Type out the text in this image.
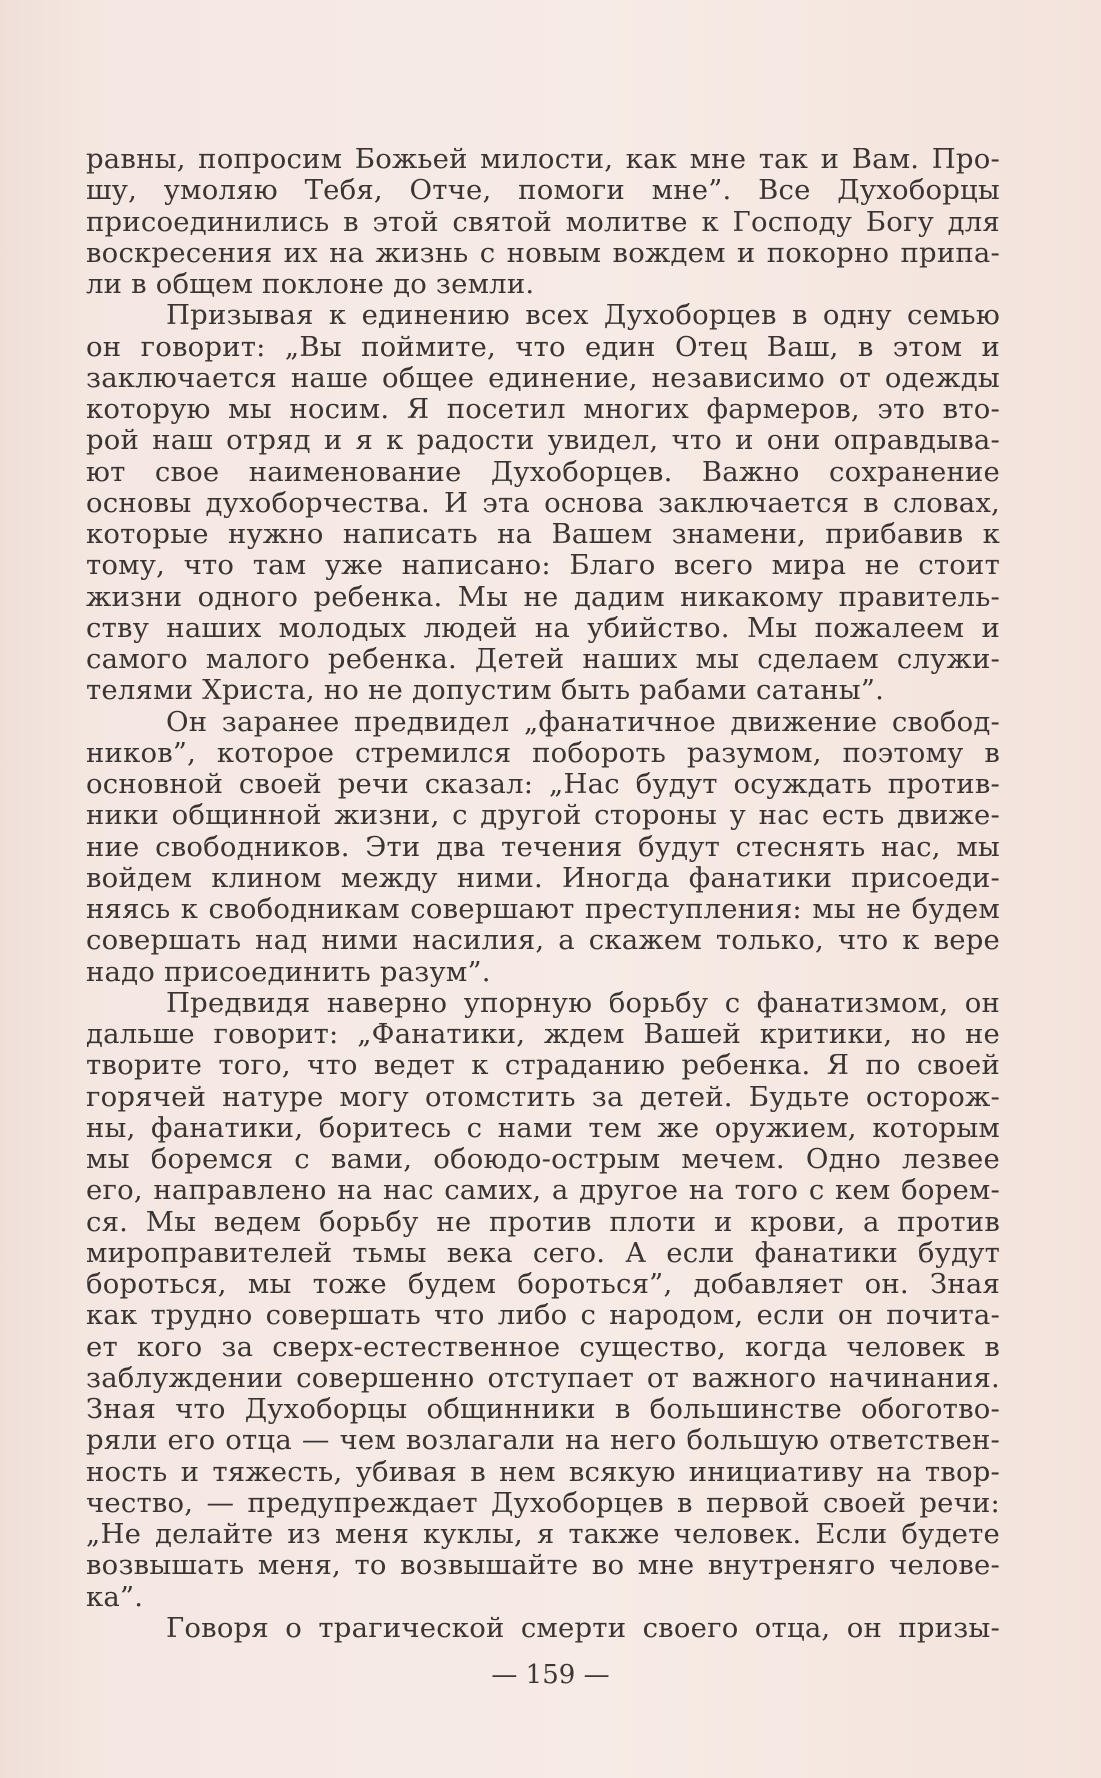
равны, попросим Божьей милости, как мне так и Вам. Про-
шу, умоляю Тебя, Отче, помоги мне”. Все Духоборцы
присоединились в этой святой молитве к Господу Богу для
воскресения их на жизнь с новым вождем и покорно припа-
ли в общем поклоне до земли.
Призывая к единению всех Духоборцев в одну семью
он говорит: „Вы поймите, что един Отец Ваш, в этом и
заключается наше общее единение, независимо от одежды
которую мы носим. Я посетил многих фармеров, это вто-
рой наш отряд и я к радости увидел, что и они оправдыва-
ют свое наименование Духоборцев. Важно сохранение
основы духоборчества. И эта основа заключается в словах,
которые нужно написать на Вашем знамени, прибавив к
тому, что там уже написано: Благо всего мира не стоит
жизни одного ребенка. Мы не дадим никакому правитель-
ству наших молодых людей на убийство. Мы пожалеем и
самого малого ребенка. Детей наших мы сделаем служи-
телями Христа, но не допустим быть рабами сатаны”.
Он заранее предвидел „фанатичное движение свобод-
ников”, которое стремился побороть разумом, поэтому в
основной своей речи сказал: „Нас будут осуждать против-
ники общинной жизни, с другой стороны у нас есть движе-
ние свободников. Эти два течения будут стеснять нас, мы
войдем клином между ними. Иногда фанатики присоеди-
няясь к свободникам совершают преступления: мы не будем
совершать над ними насилия, а скажем только, что к вере
надо присоединить разум”.
Предвидя наверно упорную борьбу с фанатизмом, он
дальше говорит: „Фанатики, ждем Вашей критики, но не
творите того, что ведет к страданию ребенка. Я по своей
горячей натуре могу отомстить за детей. Будьте осторож-
ны, фанатики, боритесь с нами тем же оружием, которым
мы боремся с вами, обоюдо-острым мечем. Одно лезвее
его, направлено на нас самих, а другое на того с кем борем-
ся. Мы ведем борьбу не против плоти и крови, а против
мироправителей тьмы века сего. А если фанатики будут
бороться, мы тоже будем бороться”, добавляет он. Зная
как трудно совершать что либо с народом, если он почита-
ет кого за сверх-естественное существо, когда человек в
заблуждении совершенно отступает от важного начинания.
Зная что Духоборцы общинники в большинстве обоготво-
ряли его отца — чем возлагали на него большую ответствен-
ность и тяжесть, убивая в нем всякую инициативу на твор-
чество, — предупреждает Духоборцев в первой своей речи:
„Не делайте из меня куклы, я также человек. Если будете
возвышать меня, то возвышайте во мне внутреняго челове-
ка”.
Говоря о трагической смерти своего отца, он призы-
— 159 —
